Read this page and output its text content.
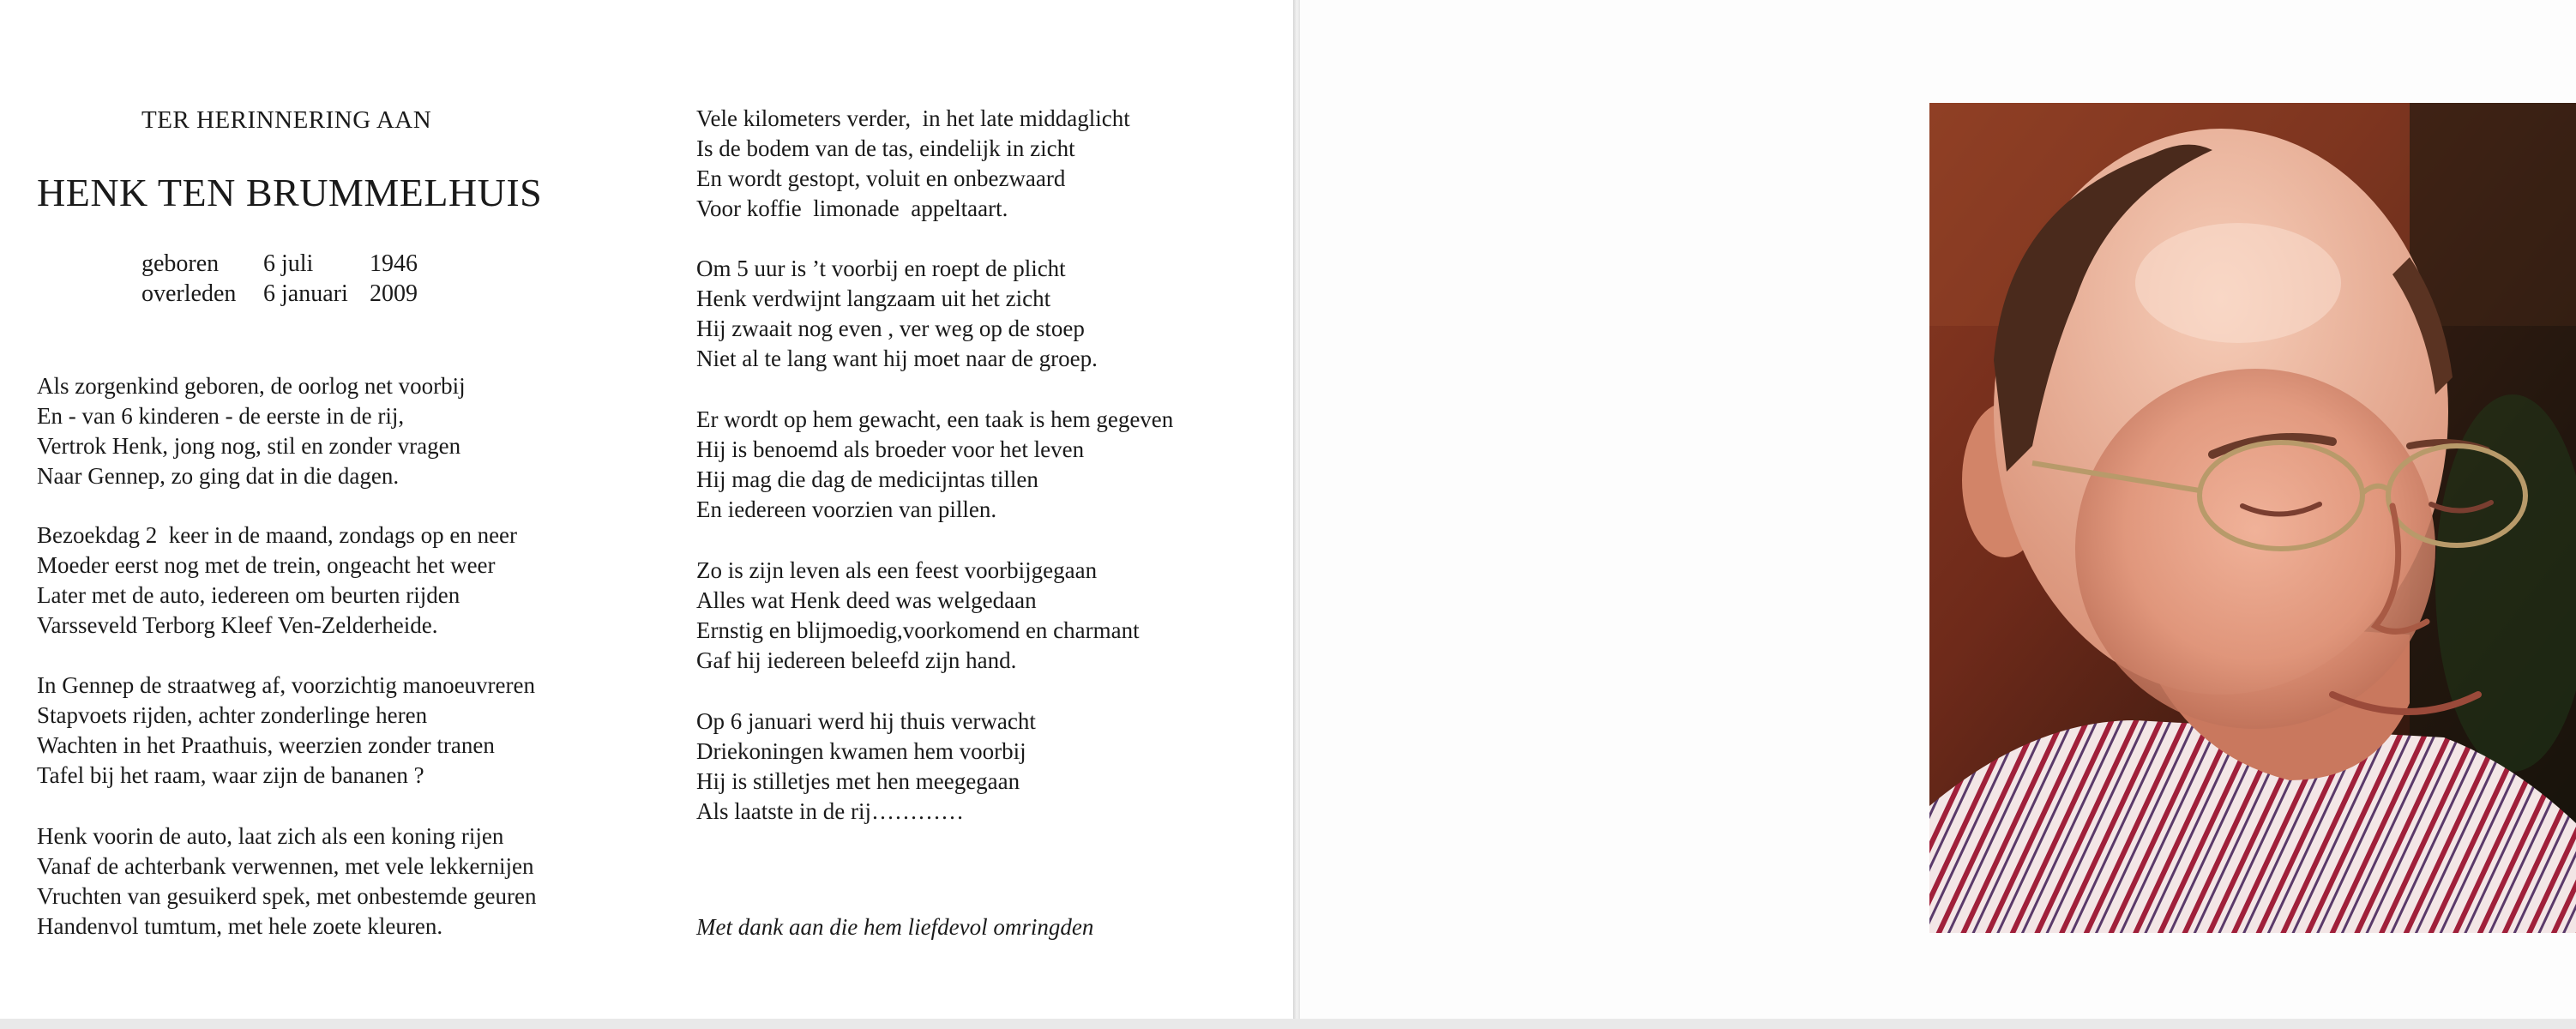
TER HERINNERING AAN
HENK TEN BRUMMELHUIS
geboren 6 juli 1946
overleden 6 januari 2009
Als zorgenkind geboren, de oorlog net voorbij
En - van 6 kinderen - de eerste in de rij,
Vertrok Henk, jong nog, stil en zonder vragen
Naar Gennep, zo ging dat in die dagen.
Bezoekdag 2  keer in de maand, zondags op en neer
Moeder eerst nog met de trein, ongeacht het weer
Later met de auto, iedereen om beurten rijden
Varsseveld Terborg Kleef Ven-Zelderheide.
In Gennep de straatweg af, voorzichtig manoeuvreren
Stapvoets rijden, achter zonderlinge heren
Wachten in het Praathuis, weerzien zonder tranen
Tafel bij het raam, waar zijn de bananen ?
Henk voorin de auto, laat zich als een koning rijen
Vanaf de achterbank verwennen, met vele lekkernijen
Vruchten van gesuikerd spek, met onbestemde geuren
Handenvol tumtum, met hele zoete kleuren.
Vele kilometers verder,  in het late middaglicht
Is de bodem van de tas, eindelijk in zicht
En wordt gestopt, voluit en onbezwaard
Voor koffie  limonade  appeltaart.
Om 5 uur is ’t voorbij en roept de plicht
Henk verdwijnt langzaam uit het zicht
Hij zwaait nog even , ver weg op de stoep
Niet al te lang want hij moet naar de groep.
Er wordt op hem gewacht, een taak is hem gegeven
Hij is benoemd als broeder voor het leven
Hij mag die dag de medicijntas tillen
En iedereen voorzien van pillen.
Zo is zijn leven als een feest voorbijgegaan
Alles wat Henk deed was welgedaan
Ernstig en blijmoedig,voorkomend en charmant
Gaf hij iedereen beleefd zijn hand.
Op 6 januari werd hij thuis verwacht
Driekoningen kwamen hem voorbij
Hij is stilletjes met hen meegegaan
Als laatste in de rij…………
Met dank aan die hem liefdevol omringden
